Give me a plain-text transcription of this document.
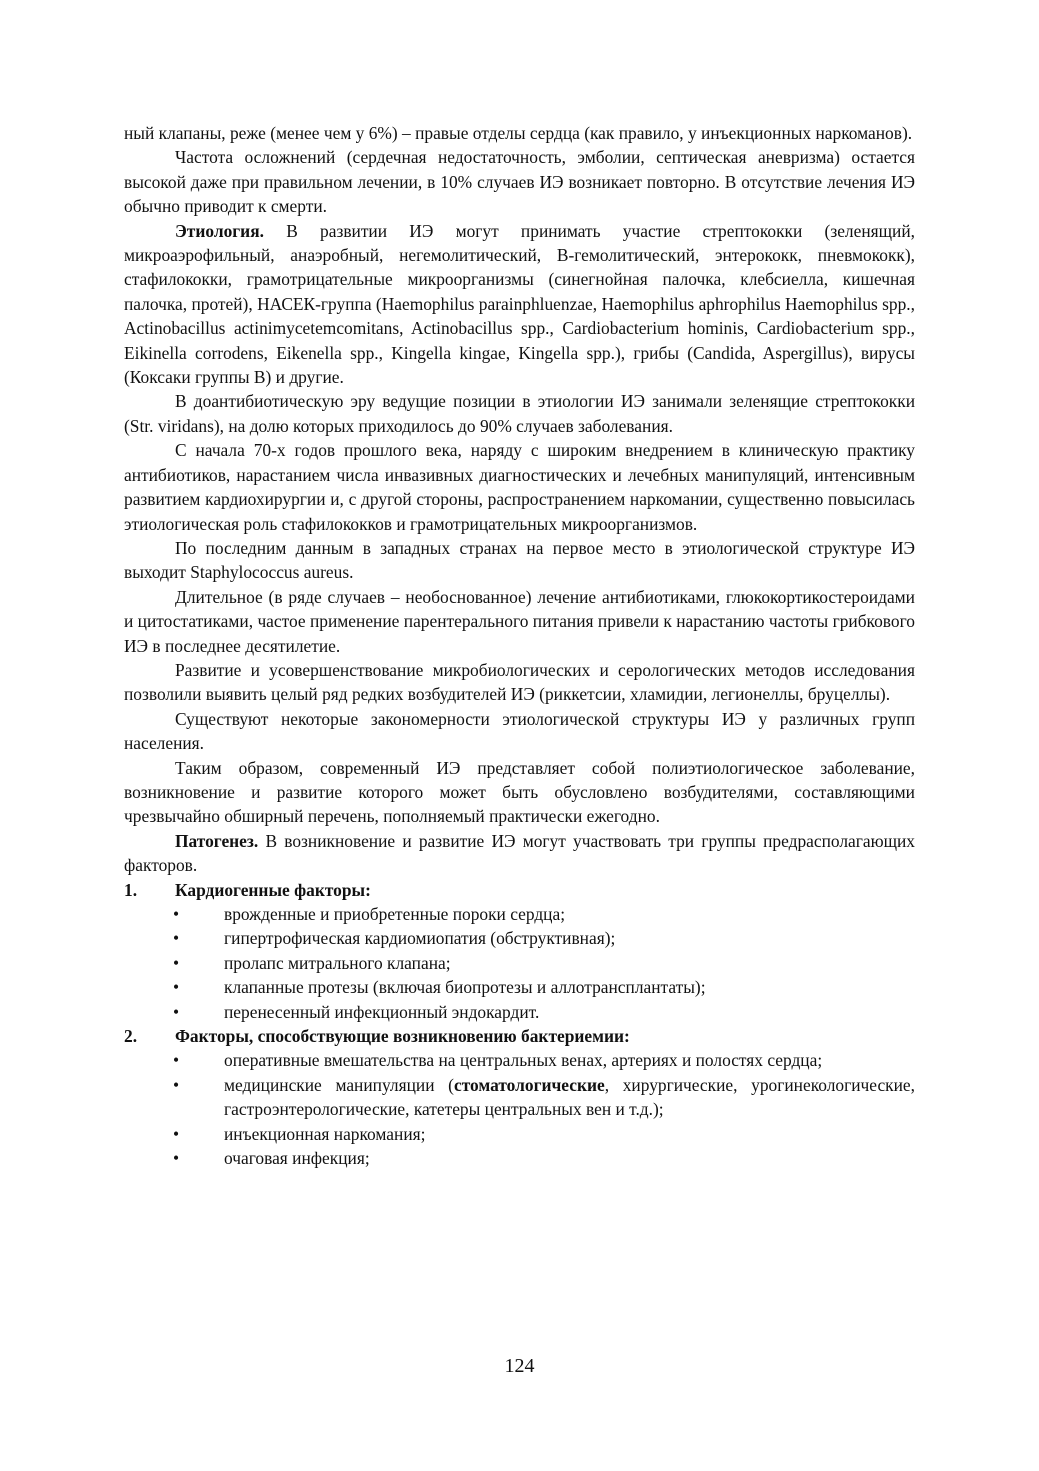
ный клапаны, реже (менее чем у 6%) – правые отделы сердца (как правило, у инъекционных наркоманов).

Частота осложнений (сердечная недостаточность, эмболии, септическая аневризма) остается высокой даже при правильном лечении, в 10% случаев ИЭ возникает повторно. В отсутствие лечения ИЭ обычно приводит к смерти.

Этиология. В развитии ИЭ могут принимать участие стрептококки (зеленящий, микроаэрофильный, анаэробный, негемолитический, В-гемолитический, энтерококк, пневмококк), стафилококки, грамотрицательные микроорганизмы (синегнойная палочка, клебсиелла, кишечная палочка, протей), НАСЕК-группа (Haemophilus parainphluenzae, Haemophilus aphrophilus Haemophilus spp., Actinobacillus actinimycetemcomitans, Actinobacillus spp., Cardiobacterium hominis, Cardiobacterium spp., Eikinella corrodens, Eikenella spp., Kingella kingae, Kingella spp.), грибы (Candida, Aspergillus), вирусы (Коксаки группы В) и другие.

В доантибиотическую эру ведущие позиции в этиологии ИЭ занимали зеленящие стрептококки (Str. viridans), на долю которых приходилось до 90% случаев заболевания.

С начала 70-х годов прошлого века, наряду с широким внедрением в клиническую практику антибиотиков, нарастанием числа инвазивных диагностических и лечебных манипуляций, интенсивным развитием кардиохирургии и, с другой стороны, распространением наркомании, существенно повысилась этиологическая роль стафилококков и грамотрицательных микроорганизмов.

По последним данным в западных странах на первое место в этиологической структуре ИЭ выходит Staphylococcus aureus.

Длительное (в ряде случаев – необоснованное) лечение антибиотиками, глюкокортикостероидами и цитостатиками, частое применение парентерального питания привели к нарастанию частоты грибкового ИЭ в последнее десятилетие.

Развитие и усовершенствование микробиологических и серологических методов исследования позволили выявить целый ряд редких возбудителей ИЭ (риккетсии, хламидии, легионеллы, бруцеллы).

Существуют некоторые закономерности этиологической структуры ИЭ у различных групп населения.

Таким образом, современный ИЭ представляет собой полиэтиологическое заболевание, возникновение и развитие которого может быть обусловлено возбудителями, составляющими чрезвычайно обширный перечень, пополняемый практически ежегодно.

Патогенез. В возникновение и развитие ИЭ могут участвовать три группы предрасполагающих факторов.

1.	Кардиогенные факторы:
•	врожденные и приобретенные пороки сердца;
•	гипертрофическая кардиомиопатия (обструктивная);
•	пролапс митрального клапана;
•	клапанные протезы (включая биопротезы и аллотрансплантаты);
•	перенесенный инфекционный эндокардит.
2.	Факторы, способствующие возникновению бактериемии:
•	оперативные вмешательства на центральных венах, артериях и полостях сердца;
•	медицинские манипуляции (стоматологические, хирургические, урогинекологические, гастроэнтерологические, катетеры центральных вен и т.д.);
•	инъекционная наркомания;
•	очаговая инфекция;
124
